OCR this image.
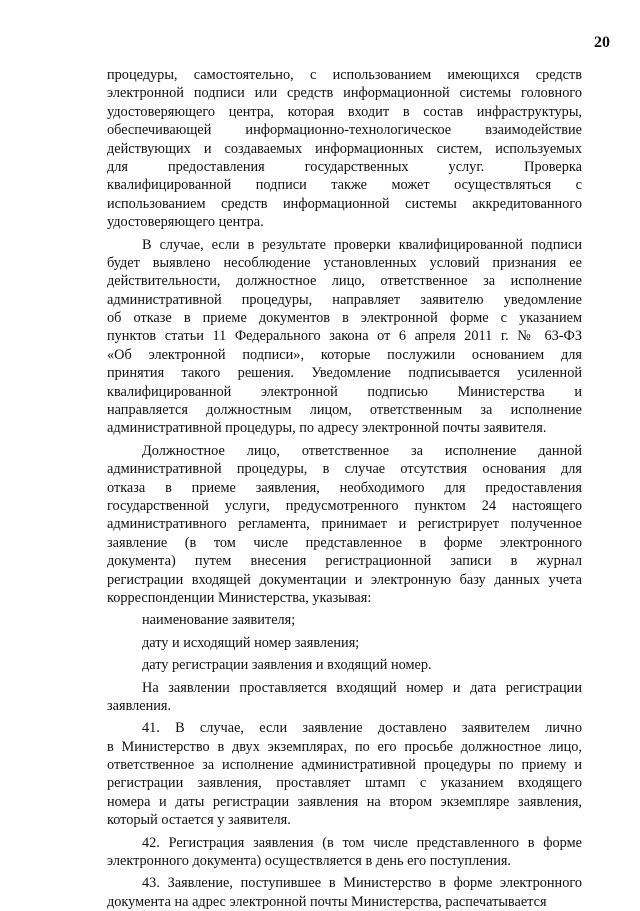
20
процедуры, самостоятельно, с использованием имеющихся средств
электронной подписи или средств информационной системы головного
удостоверяющего центра, которая входит в состав инфраструктуры,
обеспечивающей информационно-технологическое взаимодействие
действующих и создаваемых информационных систем, используемых
для предоставления государственных услуг. Проверка
квалифицированной подписи также может осуществляться с
использованием средств информационной системы аккредитованного
удостоверяющего центра.
В случае, если в результате проверки квалифицированной подписи
будет выявлено несоблюдение установленных условий признания ее
действительности, должностное лицо, ответственное за исполнение
административной процедуры, направляет заявителю уведомление
об отказе в приеме документов в электронной форме с указанием
пунктов статьи 11 Федерального закона от 6 апреля 2011 г. № 63-ФЗ
«Об электронной подписи», которые послужили основанием для
принятия такого решения. Уведомление подписывается усиленной
квалифицированной электронной подписью Министерства и
направляется должностным лицом, ответственным за исполнение
административной процедуры, по адресу электронной почты заявителя.
Должностное лицо, ответственное за исполнение данной
административной процедуры, в случае отсутствия основания для
отказа в приеме заявления, необходимого для предоставления
государственной услуги, предусмотренного пунктом 24 настоящего
административного регламента, принимает и регистрирует полученное
заявление (в том числе представленное в форме электронного
документа) путем внесения регистрационной записи в журнал
регистрации входящей документации и электронную базу данных учета
корреспонденции Министерства, указывая:
наименование заявителя;
дату и исходящий номер заявления;
дату регистрации заявления и входящий номер.
На заявлении проставляется входящий номер и дата регистрации
заявления.
41. В случае, если заявление доставлено заявителем лично
в Министерство в двух экземплярах, по его просьбе должностное лицо,
ответственное за исполнение административной процедуры по приему и
регистрации заявления, проставляет штамп с указанием входящего
номера и даты регистрации заявления на втором экземпляре заявления,
который остается у заявителя.
42. Регистрация заявления (в том числе представленного в форме
электронного документа) осуществляется в день его поступления.
43. Заявление, поступившее в Министерство в форме электронного
документа на адрес электронной почты Министерства, распечатывается
